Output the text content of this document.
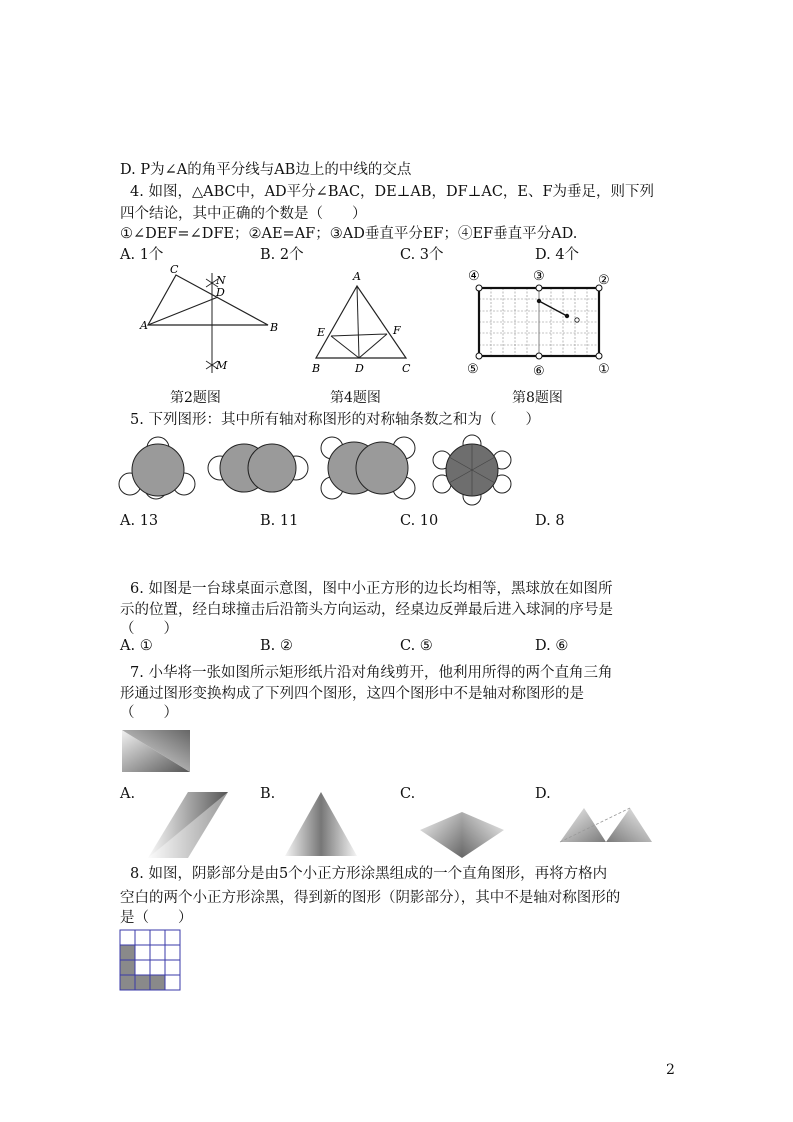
D. P为∠A的角平分线与AB边上的中线的交点
4. 如图，△ABC中，AD平分∠BAC，DE⊥AB，DF⊥AC，E、F为垂足，则下列
四个结论，其中正确的个数是（　　）
①∠DEF=∠DFE；②AE=AF；③AD垂直平分EF；④EF垂直平分AD.
A. 1个	B. 2个	C. 3个	D. 4个
C
N
D
A	B
M
A
E	F
B	D	C
④	③	②
⑤	⑥	①
第2题图	第4题图	第8题图
5. 下列图形：其中所有轴对称图形的对称轴条数之和为（　　）
A. 13	B. 11	C. 10	D. 8
6. 如图是一台球桌面示意图，图中小正方形的边长均相等，黑球放在如图所
示的位置，经白球撞击后沿箭头方向运动，经桌边反弹最后进入球洞的序号是
（　　）
A. ①	B. ②	C. ⑤	D. ⑥
7. 小华将一张如图所示矩形纸片沿对角线剪开，他利用所得的两个直角三角
形通过图形变换构成了下列四个图形，这四个图形中不是轴对称图形的是
（　　）
A.	B.	C.	D.
8. 如图，阴影部分是由5个小正方形涂黑组成的一个直角图形，再将方格内
空白的两个小正方形涂黑，得到新的图形（阴影部分），其中不是轴对称图形的
是（　　）
2
